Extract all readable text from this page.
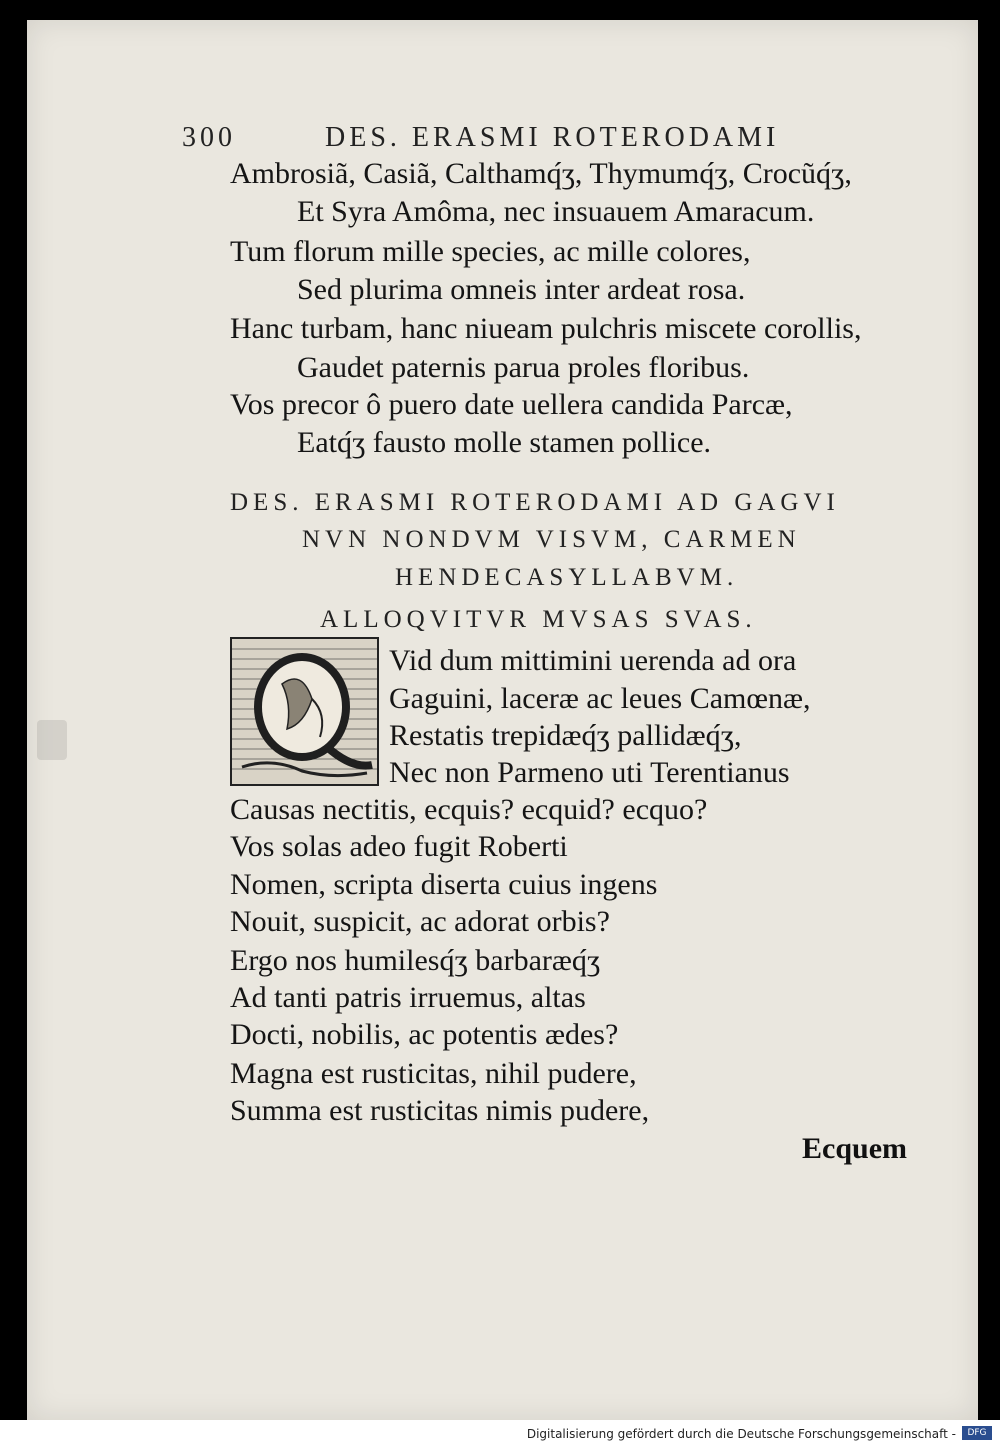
300	DES. ERASMI ROTERODAMI
Ambrosiã, Casiã, Calthamq́ʒ, Thymumq́ʒ, Crocũq́ʒ,
Et Syra Amôma, nec insuauem Amaracum.
Tum florum mille species, ac mille colores,
Sed plurima omneis inter ardeat rosa.
Hanc turbam, hanc niueam pulchris miscete corollis,
Gaudet paternis parua proles floribus.
Vos precor ô puero date uellera candida Parcæ,
Eatq́ʒ fausto molle stamen pollice.
DES. ERASMI ROTERODAMI AD GAGVI
NVN NONDVM VISVM, CARMEN
HENDECASYLLABVM.
ALLOQVITVR MVSAS SVAS.
Vid dum mittimini uerenda ad ora
Gaguini, laceræ ac leues Camœnæ,
Restatis trepidæq́ʒ pallidæq́ʒ,
Nec non Parmeno uti Terentianus
Causas nectitis, ecquis? ecquid? ecquo?
Vos solas adeo fugit Roberti
Nomen, scripta diserta cuius ingens
Nouit, suspicit, ac adorat orbis?
Ergo nos humilesq́ʒ barbaræq́ʒ
Ad tanti patris irruemus, altas
Docti, nobilis, ac potentis ædes?
Magna est rusticitas, nihil pudere,
Summa est rusticitas nimis pudere,
Ecquem
Digitalisierung gefördert durch die Deutsche Forschungsgemeinschaft -	DFG
